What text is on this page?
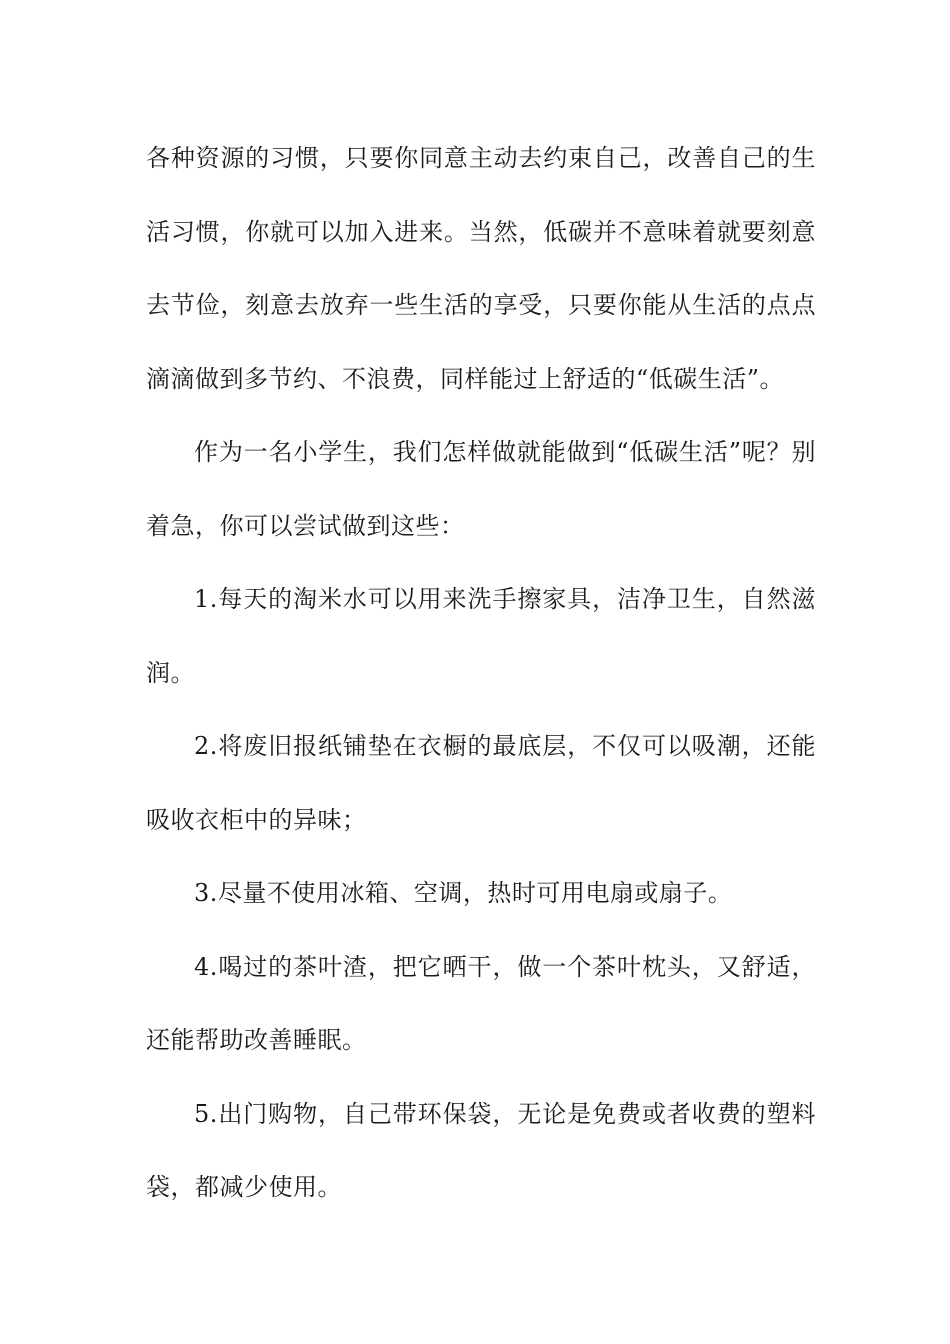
各种资源的习惯，只要你同意主动去约束自己，改善自己的生活习惯，你就可以加入进来。当然，低碳并不意味着就要刻意去节俭，刻意去放弃一些生活的享受，只要你能从生活的点点滴滴做到多节约、不浪费，同样能过上舒适的“低碳生活”。

作为一名小学生，我们怎样做就能做到“低碳生活”呢？别着急，你可以尝试做到这些：

1.每天的淘米水可以用来洗手擦家具，洁净卫生，自然滋润。

2.将废旧报纸铺垫在衣橱的最底层，不仅可以吸潮，还能吸收衣柜中的异味；

3.尽量不使用冰箱、空调，热时可用电扇或扇子。

4.喝过的茶叶渣，把它晒干，做一个茶叶枕头，又舒适，还能帮助改善睡眠。

5.出门购物，自己带环保袋，无论是免费或者收费的塑料袋，都减少使用。
